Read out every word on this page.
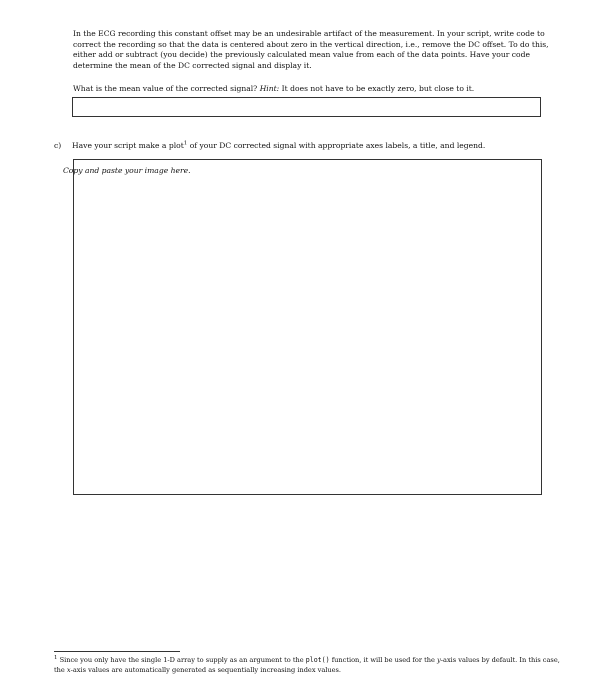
In the ECG recording this constant offset may be an undesirable artifact of the measurement. In your script, write code to correct the recording so that the data is centered about zero in the vertical direction, i.e., remove the DC offset. To do this, either add or subtract (you decide) the previously calculated mean value from each of the data points. Have your code determine the mean of the DC corrected signal and display it.

What is the mean value of the corrected signal? Hint: It does not have to be exactly zero, but close to it.

c) Have your script make a plot$^1$ of your DC corrected signal with appropriate axes labels, a title, and legend.
Copy and paste your image here.

$^1$ Since you only have the single 1-D array to supply as an argument to the plot() function, it will be used for the y-axis values by default. In this case, the x-axis values are automatically generated as sequentially increasing index values.
